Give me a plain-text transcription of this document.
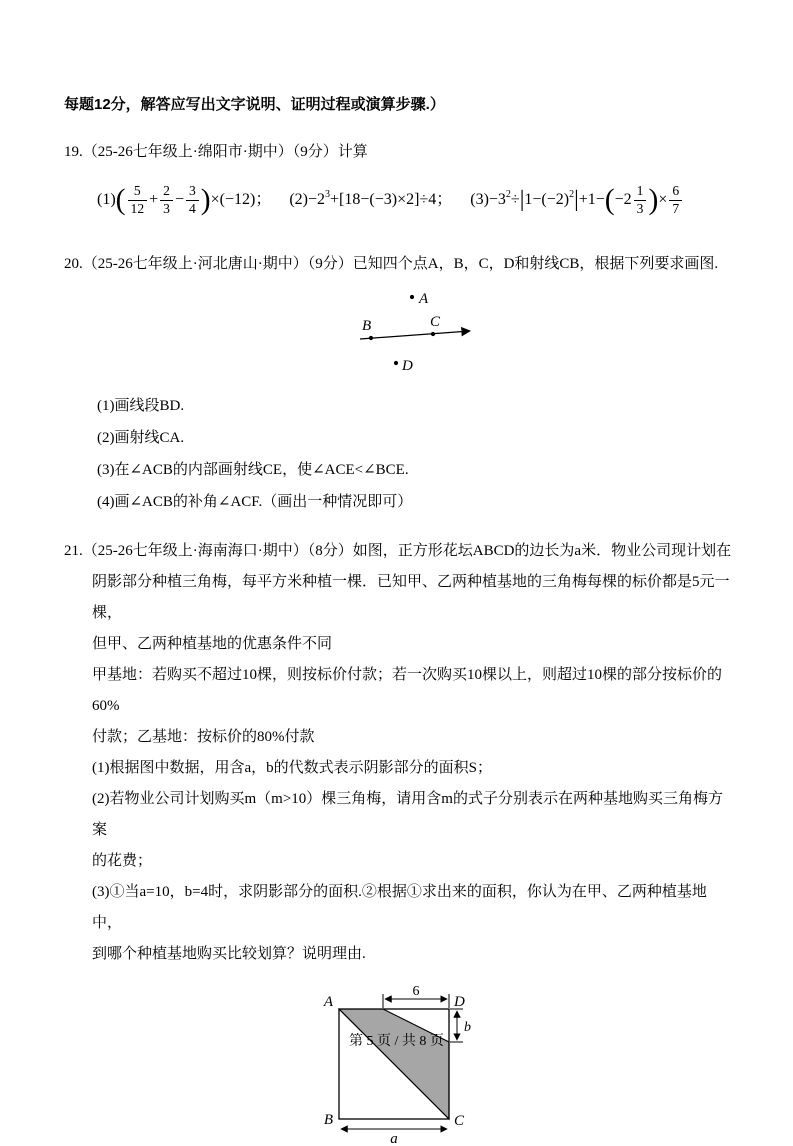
每题12分，解答应写出文字说明、证明过程或演算步骤.）
19.（25-26七年级上·绵阳市·期中）（9分）计算
$(1)( \frac{5}{12} + \frac{2}{3} - \frac{3}{4} )\times(-12)$； $(2)-2^3+[18-(-3)\times 2]\div 4$； $(3)-3^2\div|1-(-2)^2|+1-(-2 \frac{1}{3}$ )× $\frac{6}{7}$
20.（25-26七年级上·河北唐山·期中）（9分）已知四个点A，B，C，D和射线CB，根据下列要求画图.
A
B	C
D
(1)画线段BD.
(2)画射线CA.
(3)在∠ACB的内部画射线CE，使∠ACE<∠BCE.
(4)画∠ACB的补角∠ACF.（画出一种情况即可）
21.（25-26七年级上·海南海口·期中）（8分）如图，正方形花坛ABCD的边长为a米．物业公司现计划在
阴影部分种植三角梅，每平方米种植一棵．已知甲、乙两种植基地的三角梅每棵的标价都是5元一棵，
但甲、乙两种植基地的优惠条件不同
甲基地：若购买不超过10棵，则按标价付款；若一次购买10棵以上，则超过10棵的部分按标价的60%
付款；乙基地：按标价的80%付款
(1)根据图中数据，用含a，b的代数式表示阴影部分的面积S；
(2)若物业公司计划购买m（m>10）棵三角梅，请用含m的式子分别表示在两种基地购买三角梅方案
的花费；
(3)①当a=10，b=4时，求阴影部分的面积.②根据①求出来的面积，你认为在甲、乙两种植基地中，
到哪个种植基地购买比较划算？说明理由.
6
b
a
A	D
B	C
第 5 页 / 共 8 页
